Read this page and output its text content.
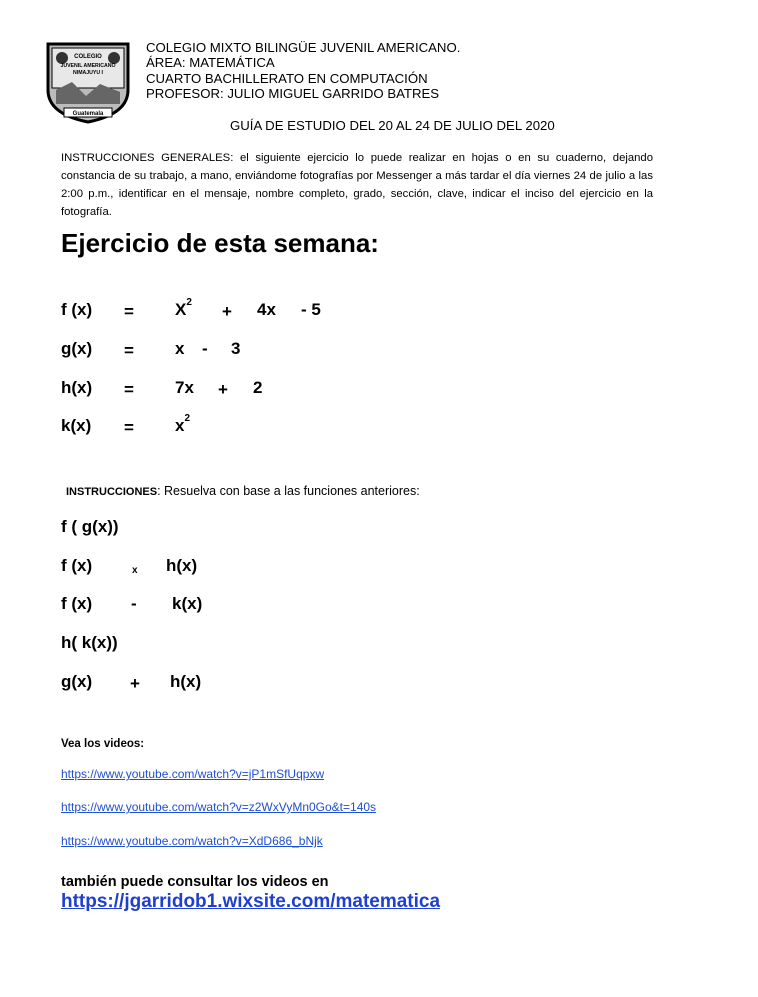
COLEGIO
JUVENIL AMERICANO
NIMAJUYU I
Guatemala
COLEGIO MIXTO BILINGÜE JUVENIL AMERICANO.
ÁREA: MATEMÁTICA
CUARTO BACHILLERATO EN COMPUTACIÓN
PROFESOR: JULIO MIGUEL GARRIDO BATRES
GUÍA DE ESTUDIO DEL 20 AL 24 DE JULIO DEL 2020
INSTRUCCIONES GENERALES: el siguiente ejercicio lo puede realizar en hojas o en su cuaderno, dejando constancia de su trabajo, a mano, enviándome fotografías por Messenger a más tardar el día viernes 24 de julio a las 2:00 p.m., identificar en el mensaje, nombre completo, grado, sección, clave, indicar el inciso del ejercicio en la fotografía.
Ejercicio de esta semana:
f $(x) = X^2 + 4x - 5$
g(x) = x - 3
h(x) = 7x + 2
$k(x) = x^2$
INSTRUCCIONES: Resuelva con base a las funciones anteriores:
f ( g(x))
f (x)	x h(x)
f (x) - k(x)
h( k(x))
g(x) + h(x)
Vea los videos:
https://www.youtube.com/watch?v=jP1mSfUqpxw
https://www.youtube.com/watch?v=z2WxVyMn0Go&t=140s
https://www.youtube.com/watch?v=XdD686_bNjk
también puede consultar los videos en
https://jgarridob1.wixsite.com/matematica
